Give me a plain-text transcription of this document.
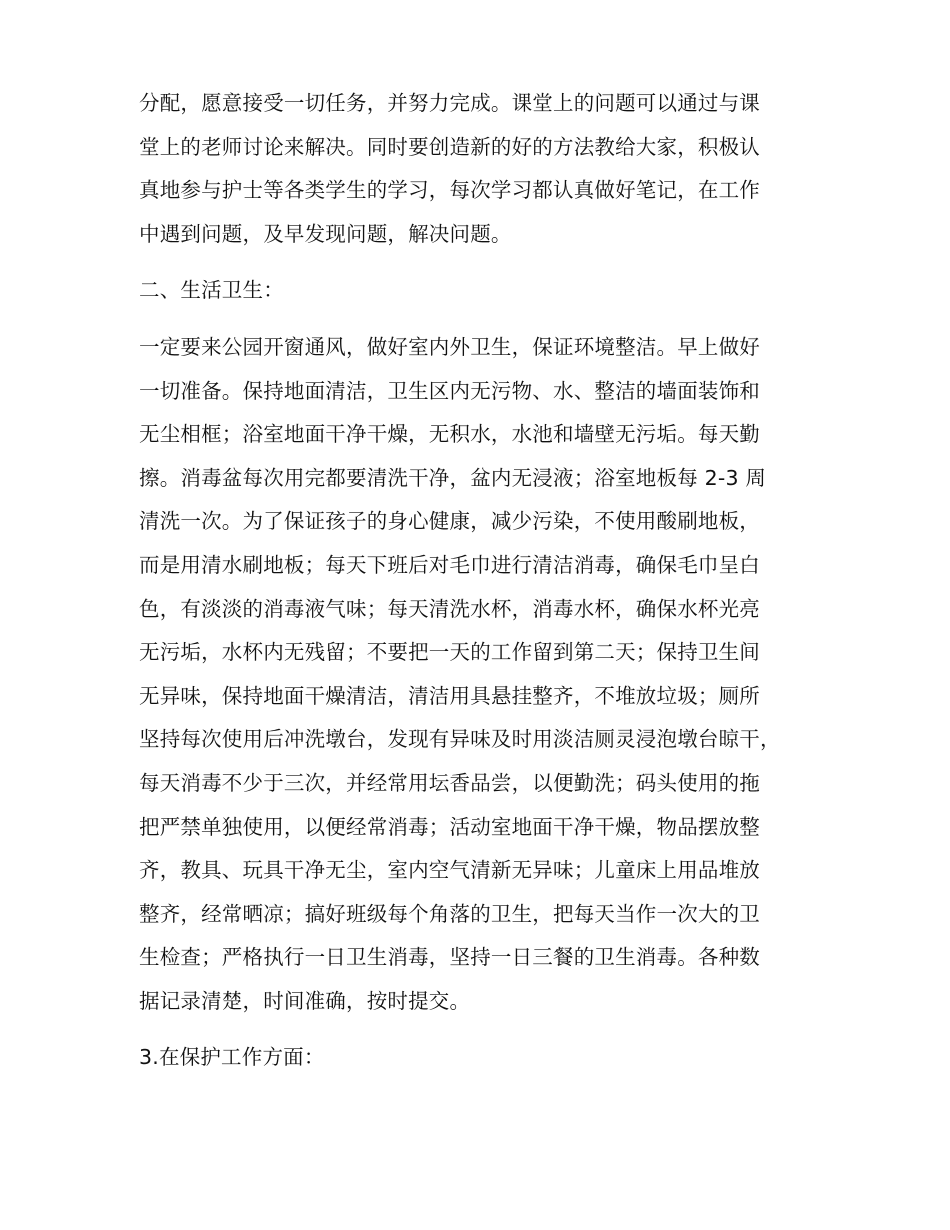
分配，愿意接受一切任务，并努力完成。课堂上的问题可以通过与课
堂上的老师讨论来解决。同时要创造新的好的方法教给大家，积极认
真地参与护士等各类学生的学习，每次学习都认真做好笔记，在工作
中遇到问题，及早发现问题，解决问题。

二、生活卫生：

一定要来公园开窗通风，做好室内外卫生，保证环境整洁。早上做好
一切准备。保持地面清洁，卫生区内无污物、水、整洁的墙面装饰和
无尘相框；浴室地面干净干燥，无积水，水池和墙壁无污垢。每天勤
擦。消毒盆每次用完都要清洗干净，盆内无浸液；浴室地板每 2-3 周
清洗一次。为了保证孩子的身心健康，减少污染，不使用酸刷地板，
而是用清水刷地板；每天下班后对毛巾进行清洁消毒，确保毛巾呈白
色，有淡淡的消毒液气味；每天清洗水杯，消毒水杯，确保水杯光亮
无污垢，水杯内无残留；不要把一天的工作留到第二天；保持卫生间
无异味，保持地面干燥清洁，清洁用具悬挂整齐，不堆放垃圾；厕所
坚持每次使用后冲洗墩台，发现有异味及时用淡洁厕灵浸泡墩台晾干，
每天消毒不少于三次，并经常用坛香品尝，以便勤洗；码头使用的拖
把严禁单独使用，以便经常消毒；活动室地面干净干燥，物品摆放整
齐，教具、玩具干净无尘，室内空气清新无异味；儿童床上用品堆放
整齐，经常晒凉；搞好班级每个角落的卫生，把每天当作一次大的卫
生检查；严格执行一日卫生消毒，坚持一日三餐的卫生消毒。各种数
据记录清楚，时间准确，按时提交。

3.在保护工作方面：
